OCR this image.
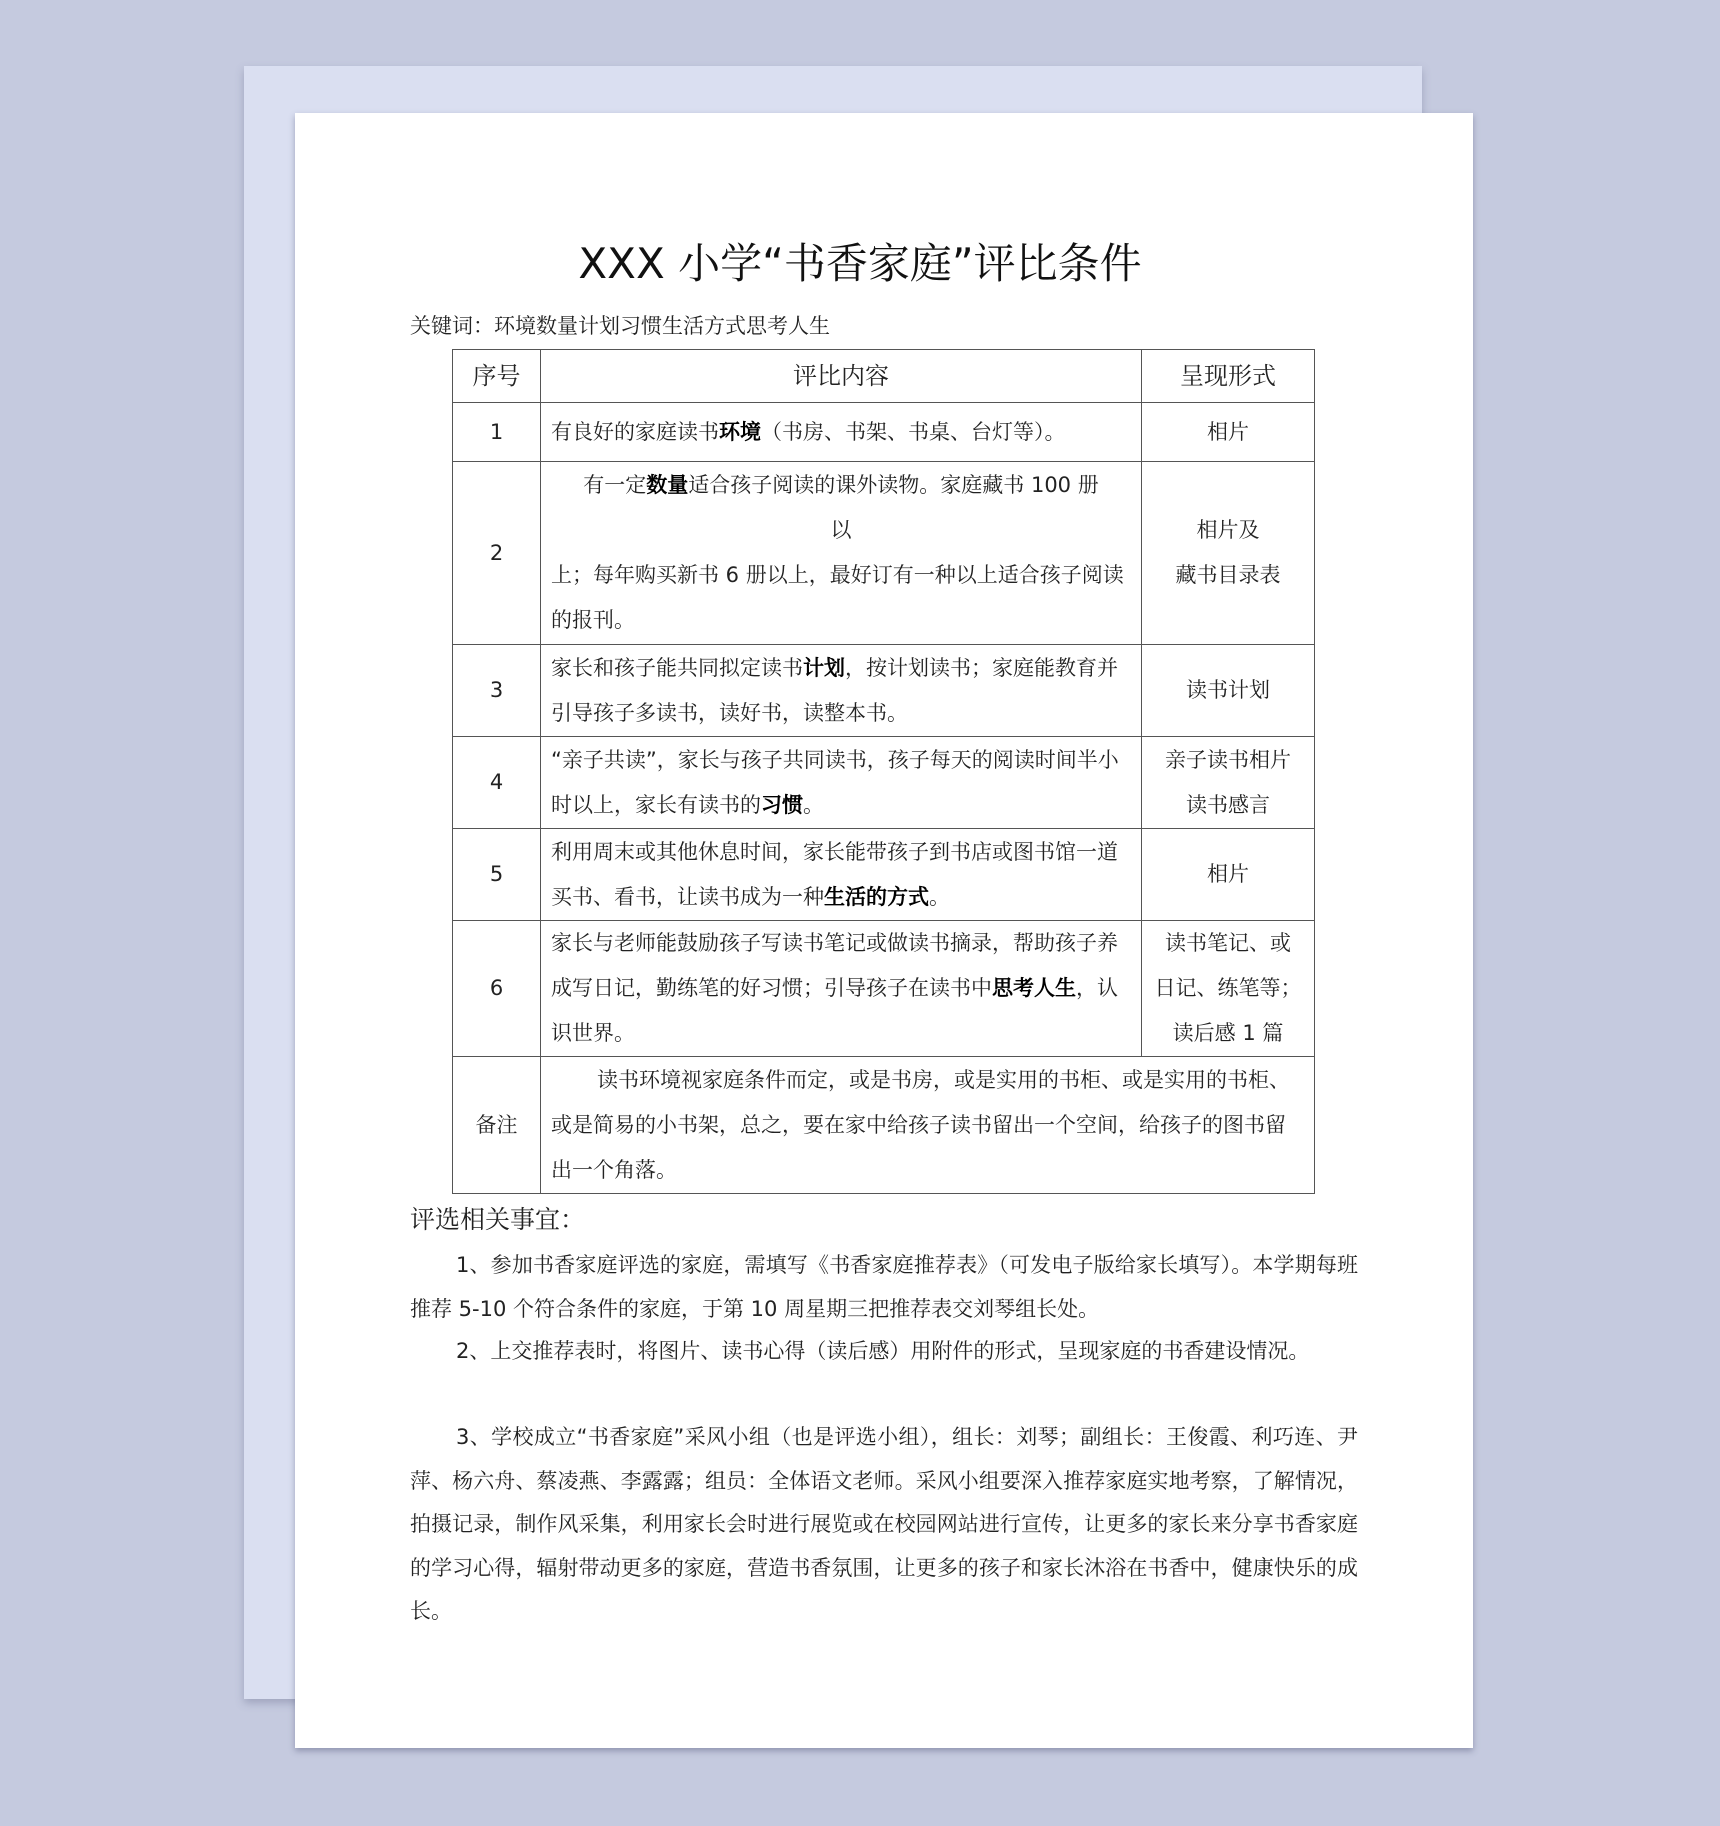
XXX 小学“书香家庭”评比条件
关键词：环境数量计划习惯生活方式思考人生
序号	评比内容	呈现形式
1	有良好的家庭读书环境（书房、书架、书桌、台灯等）。	相片
2	有一定数量适合孩子阅读的课外读物。家庭藏书 100 册
以
上；每年购买新书 6 册以上，最好订有一种以上适合孩子阅读的报刊。	相片及
藏书目录表

3	家长和孩子能共同拟定读书计划，按计划读书；家庭能教育并引导孩子多读书，读好书，读整本书。	读书计划
4	“亲子共读”，家长与孩子共同读书，孩子每天的阅读时间半小时以上，家长有读书的习惯。	亲子读书相片
读书感言

5	利用周末或其他休息时间，家长能带孩子到书店或图书馆一道买书、看书，让读书成为一种生活的方式。	相片
6	家长与老师能鼓励孩子写读书笔记或做读书摘录，帮助孩子养成写日记，勤练笔的好习惯；引导孩子在读书中思考人生，认识世界。	读书笔记、或
日记、练笔等；
读后感 1 篇

备注	读书环境视家庭条件而定，或是书房，或是实用的书柜、或是实用的书柜、或是简易的小书架，总之，要在家中给孩子读书留出一个空间，给孩子的图书留出一个角落。	
评选相关事宜：
1、参加书香家庭评选的家庭，需填写《书香家庭推荐表》（可发电子版给家长填写）。本学期每班推荐 5-10 个符合条件的家庭，于第 10 周星期三把推荐表交刘琴组长处。
2、上交推荐表时，将图片、读书心得（读后感）用附件的形式，呈现家庭的书香建设情况。
3、学校成立“书香家庭”采风小组（也是评选小组），组长：刘琴；副组长：王俊霞、利巧连、尹萍、杨六舟、蔡凌燕、李露露；组员：全体语文老师。采风小组要深入推荐家庭实地考察，了解情况，拍摄记录，制作风采集，利用家长会时进行展览或在校园网站进行宣传，让更多的家长来分享书香家庭的学习心得，辐射带动更多的家庭，营造书香氛围，让更多的孩子和家长沐浴在书香中，健康快乐的成长。
